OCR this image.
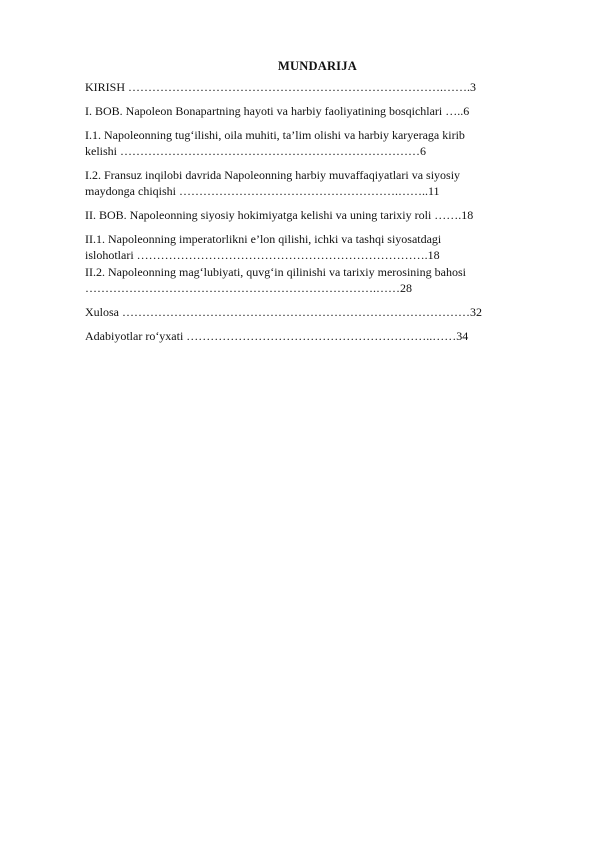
MUNDARIJA

KIRISH …………………………………………………………………….…….3

I. BOB. Napoleon Bonapartning hayoti va harbiy faoliyatining bosqichlari …..6

I.1. Napoleonning tug‘ilishi, oila muhiti, ta’lim olishi va harbiy karyeraga kirib

kelishi …………………………………………………………………6

I.2. Fransuz inqilobi davrida Napoleonning harbiy muvaffaqiyatlari va siyosiy

maydonga chiqishi ……………………………………………….……..11

II. BOB. Napoleonning siyosiy hokimiyatga kelishi va uning tarixiy roli …….18

II.1. Napoleonning imperatorlikni e’lon qilishi, ichki va tashqi siyosatdagi

islohotlari ……………………………………………………………….18

II.2. Napoleonning mag‘lubiyati, quvg‘in qilinishi va tarixiy merosining bahosi

……………………………………………………………….……28

Xulosa ……………………………………………………………………………32

Adabiyotlar ro‘yxati ……………………………………………………..……34
